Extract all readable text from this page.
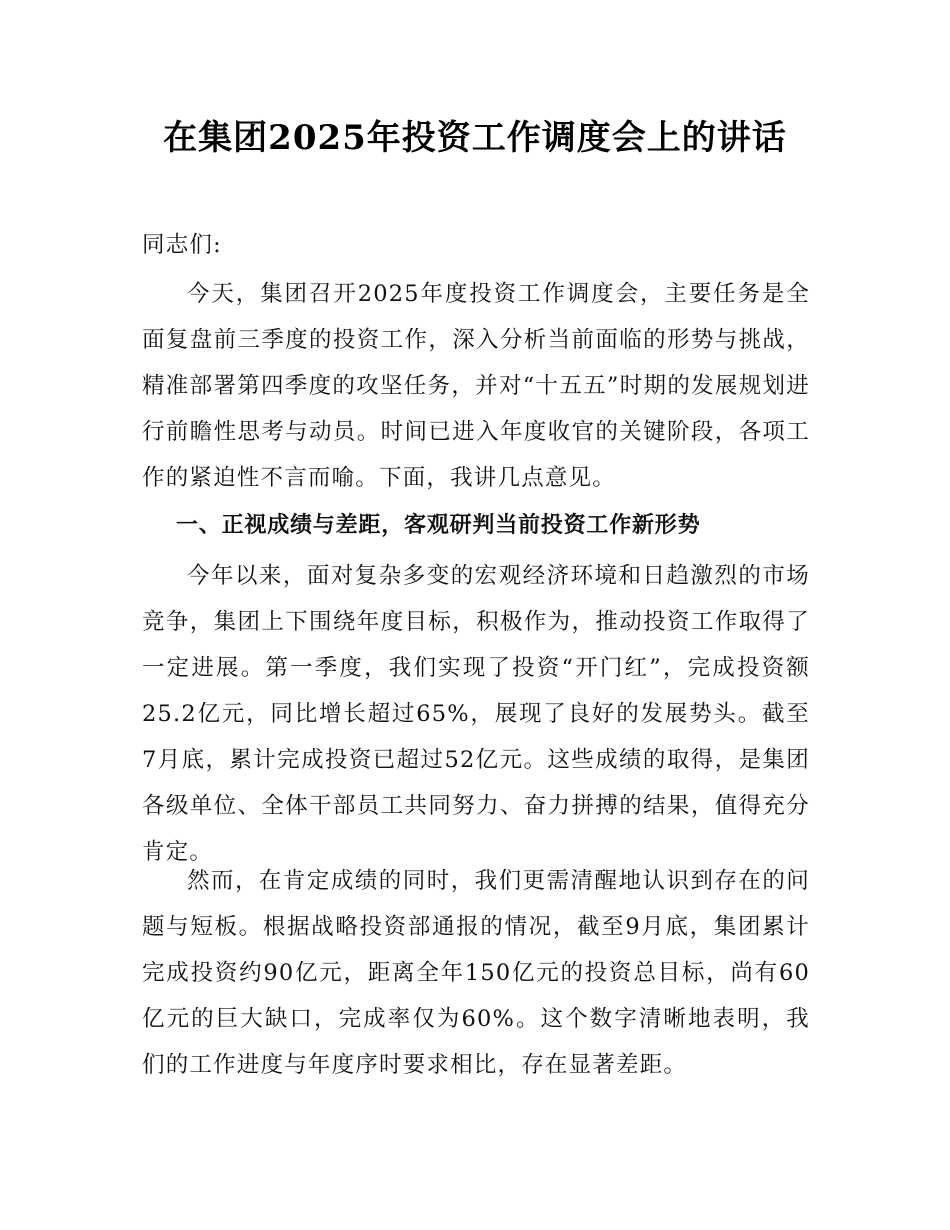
在集团2025年投资工作调度会上的讲话
同志们:
今天，集团召开2025年度投资工作调度会，主要任务是全面复盘前三季度的投资工作，深入分析当前面临的形势与挑战，精准部署第四季度的攻坚任务，并对“十五五”时期的发展规划进行前瞻性思考与动员。时间已进入年度收官的关键阶段，各项工作的紧迫性不言而喻。下面，我讲几点意见。
一、正视成绩与差距，客观研判当前投资工作新形势
今年以来，面对复杂多变的宏观经济环境和日趋激烈的市场竞争，集团上下围绕年度目标，积极作为，推动投资工作取得了一定进展。第一季度，我们实现了投资“开门红”，完成投资额25.2亿元，同比增长超过65%，展现了良好的发展势头。截至7月底，累计完成投资已超过52亿元。这些成绩的取得，是集团各级单位、全体干部员工共同努力、奋力拼搏的结果，值得充分肯定。
然而，在肯定成绩的同时，我们更需清醒地认识到存在的问题与短板。根据战略投资部通报的情况，截至9月底，集团累计完成投资约90亿元，距离全年150亿元的投资总目标，尚有60亿元的巨大缺口，完成率仅为60%。这个数字清晰地表明，我们的工作进度与年度序时要求相比，存在显著差距。
